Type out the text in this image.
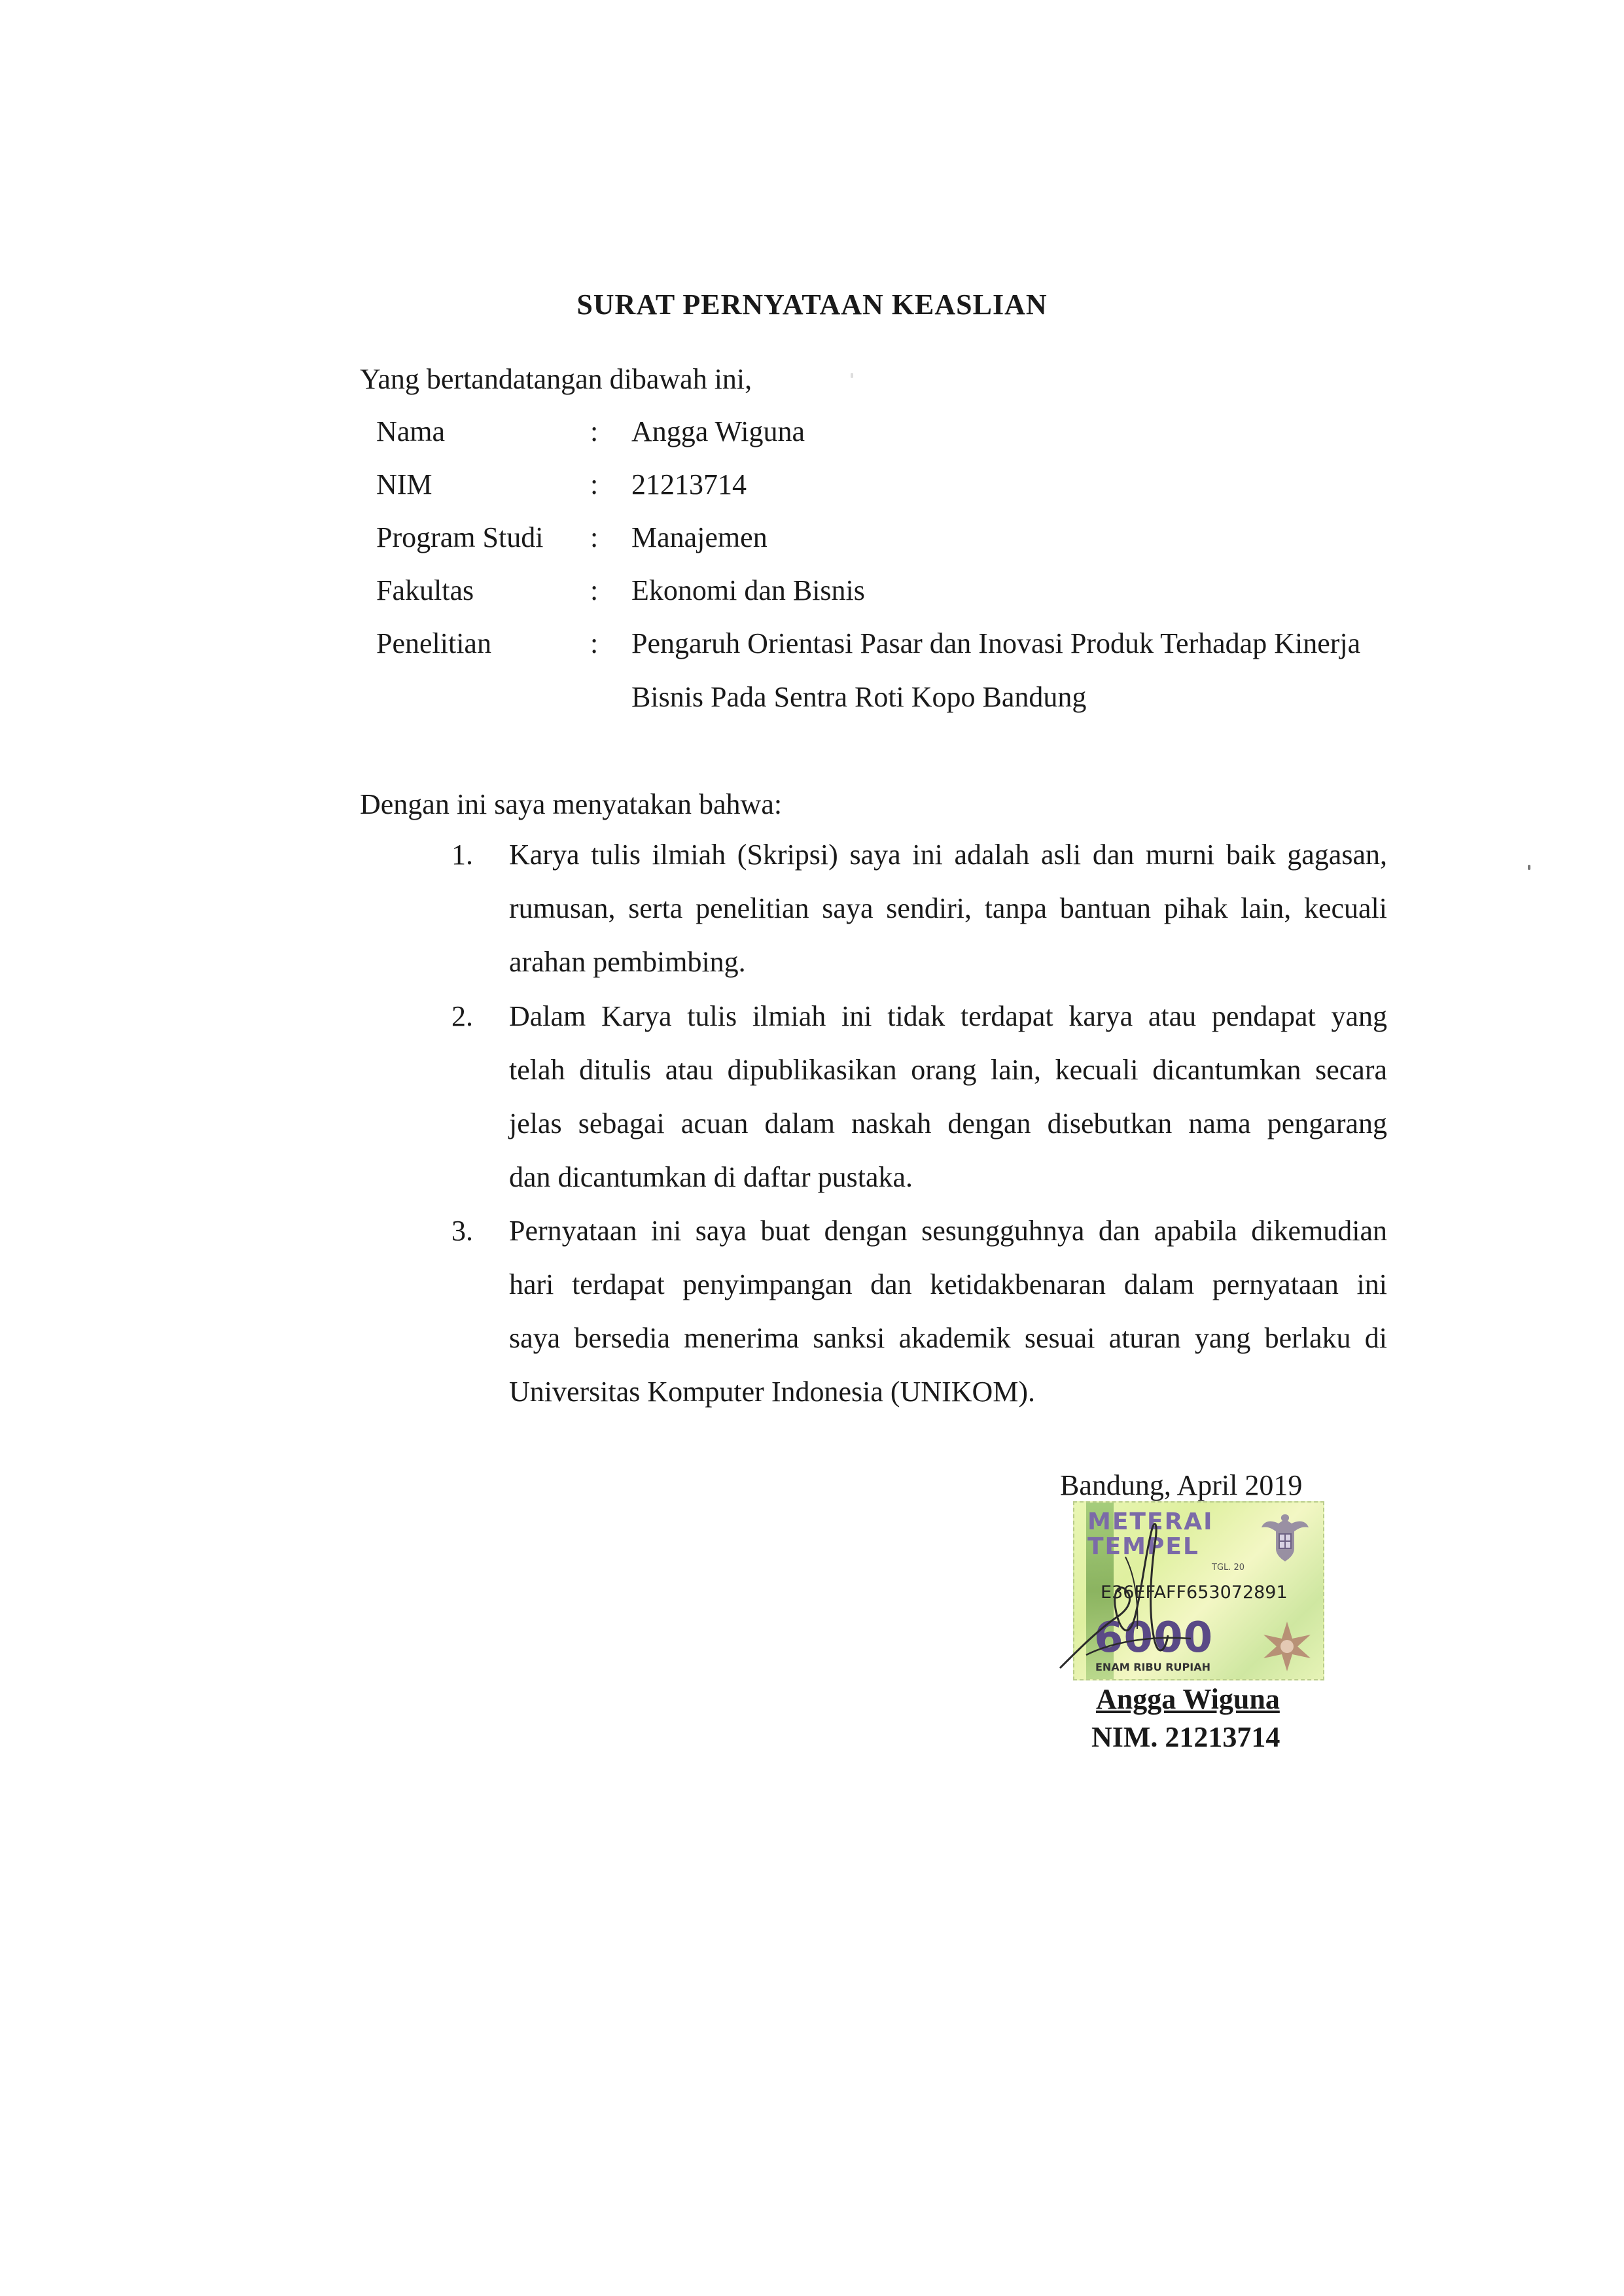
SURAT PERNYATAAN KEASLIAN
Yang bertandatangan dibawah ini,
Nama	: Angga Wiguna
NIM	: 21213714
Program Studi : Manajemen
Fakultas	: Ekonomi dan Bisnis
Penelitian	: Pengaruh Orientasi Pasar dan Inovasi Produk Terhadap Kinerja
Bisnis Pada Sentra Roti Kopo Bandung
Dengan ini saya menyatakan bahwa:
1. Karya tulis ilmiah (Skripsi) saya ini adalah asli dan murni baik gagasan,

rumusan, serta penelitian saya sendiri, tanpa bantuan pihak lain, kecuali

arahan pembimbing.

2. Dalam Karya tulis ilmiah ini tidak terdapat karya atau pendapat yang

telah ditulis atau dipublikasikan orang lain, kecuali dicantumkan secara

jelas sebagai acuan dalam naskah dengan disebutkan nama pengarang

dan dicantumkan di daftar pustaka.

3. Pernyataan ini saya buat dengan sesungguhnya dan apabila dikemudian

hari terdapat penyimpangan dan ketidakbenaran dalam pernyataan ini

saya bersedia menerima sanksi akademik sesuai aturan yang berlaku di

Universitas Komputer Indonesia (UNIKOM).

Bandung, April 2019
METERAI
TEMPEL
TGL. 20
E36EFAFF653072891
6000
ENAM RIBU RUPIAH
Angga Wiguna
NIM. 21213714
